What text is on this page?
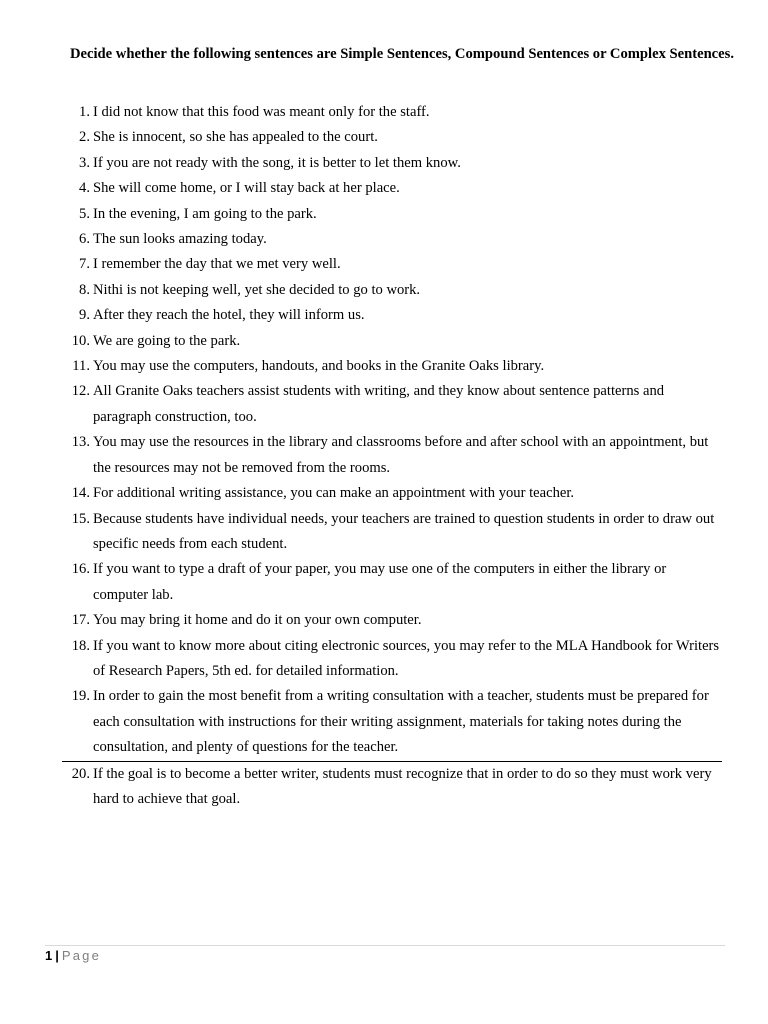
Decide whether the following sentences are Simple Sentences, Compound Sentences or Complex Sentences.

1. I did not know that this food was meant only for the staff.
2. She is innocent, so she has appealed to the court.
3. If you are not ready with the song, it is better to let them know.
4. She will come home, or I will stay back at her place.
5. In the evening, I am going to the park.
6. The sun looks amazing today.
7. I remember the day that we met very well.
8. Nithi is not keeping well, yet she decided to go to work.
9. After they reach the hotel, they will inform us.
10. We are going to the park.
11. You may use the computers, handouts, and books in the Granite Oaks library.
12. All Granite Oaks teachers assist students with writing, and they know about sentence patterns and paragraph construction, too.
13. You may use the resources in the library and classrooms before and after school with an appointment, but the resources may not be removed from the rooms.
14. For additional writing assistance, you can make an appointment with your teacher.
15. Because students have individual needs, your teachers are trained to question students in order to draw out specific needs from each student.
16. If you want to type a draft of your paper, you may use one of the computers in either the library or computer lab.
17. You may bring it home and do it on your own computer.
18. If you want to know more about citing electronic sources, you may refer to the MLA Handbook for Writers of Research Papers, 5th ed. for detailed information.
19. In order to gain the most benefit from a writing consultation with a teacher, students must be prepared for each consultation with instructions for their writing assignment, materials for taking notes during the consultation, and plenty of questions for the teacher.
20. If the goal is to become a better writer, students must recognize that in order to do so they must work very hard to achieve that goal.
1 | Page
